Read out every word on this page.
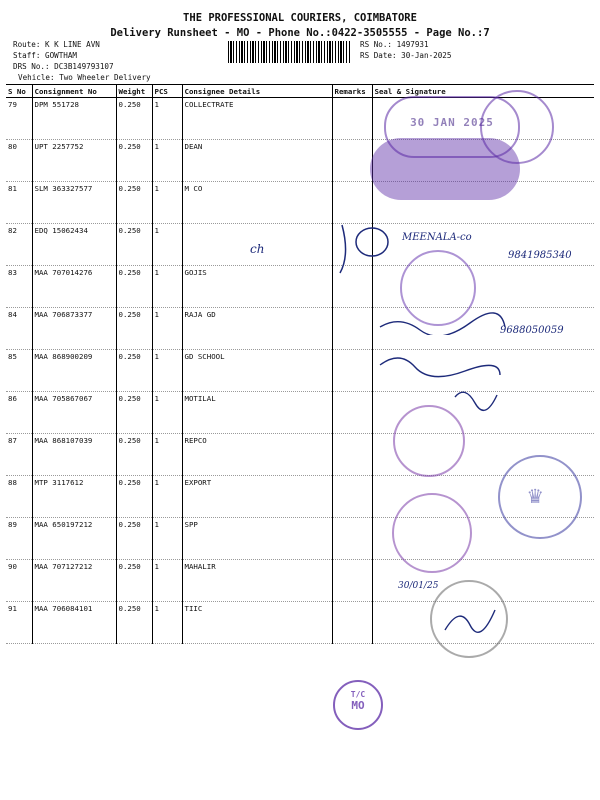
THE PROFESSIONAL COURIERS, COIMBATORE
Delivery Runsheet - MO - Phone No.:0422-3505555 - Page No.:7
Route: K K LINE AVN
Staff: GOWTHAM
DRS No.: DC3B149793107
Vehicle: Two Wheeler Delivery
RS No.: 1497931
RS Date: 30-Jan-2025
S No	Consignment No	Weight	PCS	Consignee Details	Remarks	Seal & Signature
79	DPM 551728	0.250	1	COLLECTRATE		
80	UPT 2257752	0.250	1	DEAN		
81	SLM 363327577	0.250	1	M CO		
82	EDQ 15062434	0.250	1			
83	MAA 707014276	0.250	1	GOJIS		
84	MAA 706873377	0.250	1	RAJA GD		
85	MAA 868900209	0.250	1	GD SCHOOL		
86	MAA 705867067	0.250	1	MOTILAL		
87	MAA 868107039	0.250	1	REPCO		
88	MTP 3117612	0.250	1	EXPORT		
89	MAA 650197212	0.250	1	SPP		
90	MAA 707127212	0.250	1	MAHALIR		
91	MAA 706084101	0.250	1	TIIC		
30 JAN 2025
♛
T/C
MO
MEENALA-co
9841985340
9688050059
30/01/25
ch
